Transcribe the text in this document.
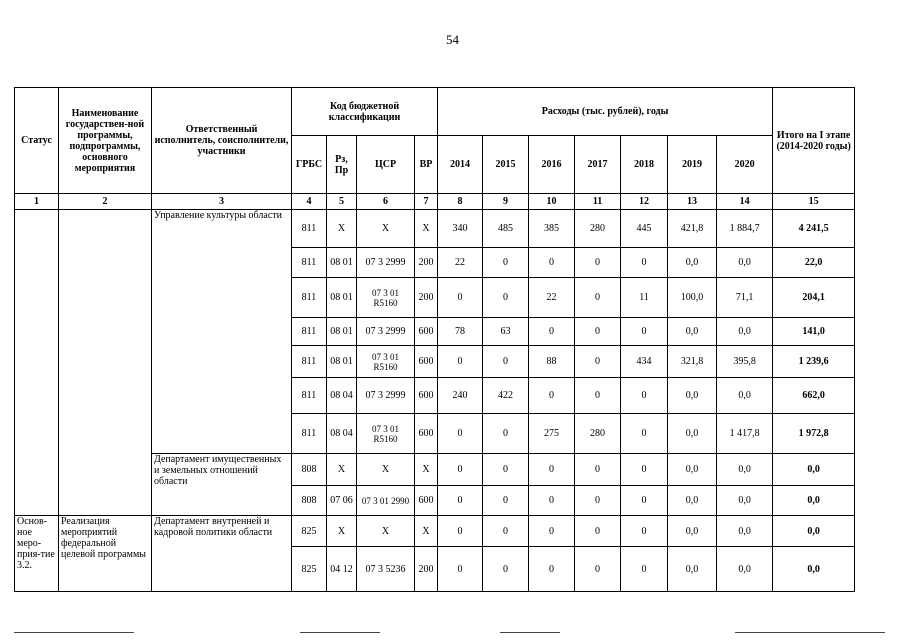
54
Статус	Наименование государствен-ной программы, подпрограммы, основного мероприятия	Ответственный исполнитель, соисполнители, участники	Код бюджетной классификации				Расходы (тыс. рублей), годы							Итого на I этапе (2014-2020 годы)
			ГРБС	Рз, Пр	ЦСР	ВР	2014	2015	2016	2017	2018	2019	2020	
1	2	3	4	5	6	7	8	9	10	11	12	13	14	15
		Управление культуры области	811	X	X	X	340	485	385	280	445	421,8	1 884,7	4 241,5
			811	08 01	07 3 2999	200	22	0	0	0	0	0,0	0,0	22,0
			811	08 01	07 3 01 R5160	200	0	0	22	0	11	100,0	71,1	204,1
			811	08 01	07 3 2999	600	78	63	0	0	0	0,0	0,0	141,0
			811	08 01	07 3 01 R5160	600	0	0	88	0	434	321,8	395,8	1 239,6
			811	08 04	07 3 2999	600	240	422	0	0	0	0,0	0,0	662,0
			811	08 04	07 3 01 R5160	600	0	0	275	280	0	0,0	1 417,8	1 972,8
		Департамент имущественных и земельных отношений области	808	X	X	X	0	0	0	0	0	0,0	0,0	0,0
			808	07 06	07 3 01 2990	600	0	0	0	0	0	0,0	0,0	0,0
Основ-ное меро-прия-тие 3.2.	Реализация мероприятий федеральной целевой программы	Департамент внутренней и кадровой политики области	825	X	X	X	0	0	0	0	0	0,0	0,0	0,0
			825	04 12	07 3 5236	200	0	0	0	0	0	0,0	0,0	0,0
